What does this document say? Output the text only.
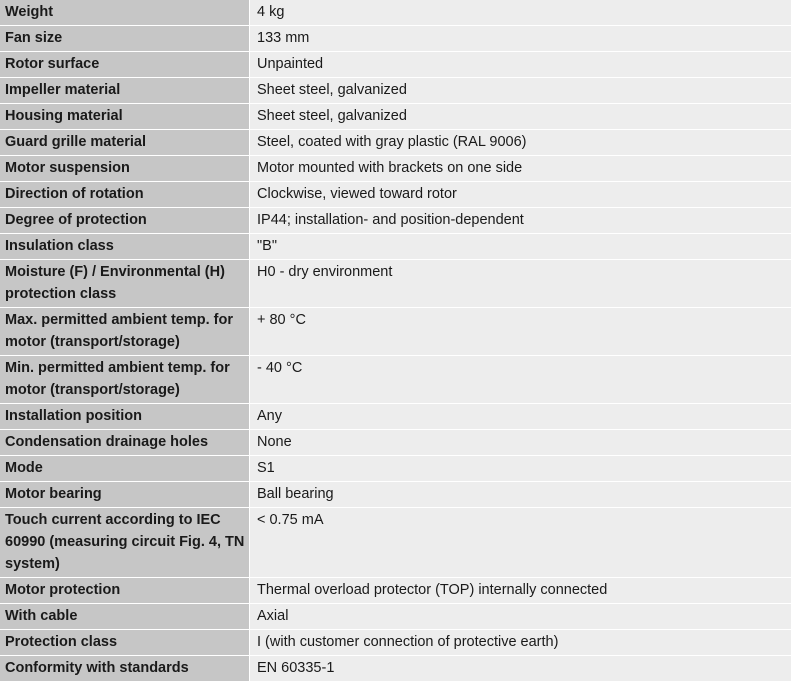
Weight	4 kg
Fan size	133 mm
Rotor surface	Unpainted
Impeller material	Sheet steel, galvanized
Housing material	Sheet steel, galvanized
Guard grille material	Steel, coated with gray plastic (RAL 9006)
Motor suspension	Motor mounted with brackets on one side
Direction of rotation	Clockwise, viewed toward rotor
Degree of protection	IP44; installation- and position-dependent
Insulation class	"B"
Moisture (F) / Environmental (H) protection class	H0 - dry environment
Max. permitted ambient temp. for motor (transport/storage)	+ 80 °C
Min. permitted ambient temp. for motor (transport/storage)	- 40 °C
Installation position	Any
Condensation drainage holes	None
Mode	S1
Motor bearing	Ball bearing
Touch current according to IEC 60990 (measuring circuit Fig. 4, TN system)	< 0.75 mA
Motor protection	Thermal overload protector (TOP) internally connected
With cable	Axial
Protection class	I (with customer connection of protective earth)
Conformity with standards	EN 60335-1
